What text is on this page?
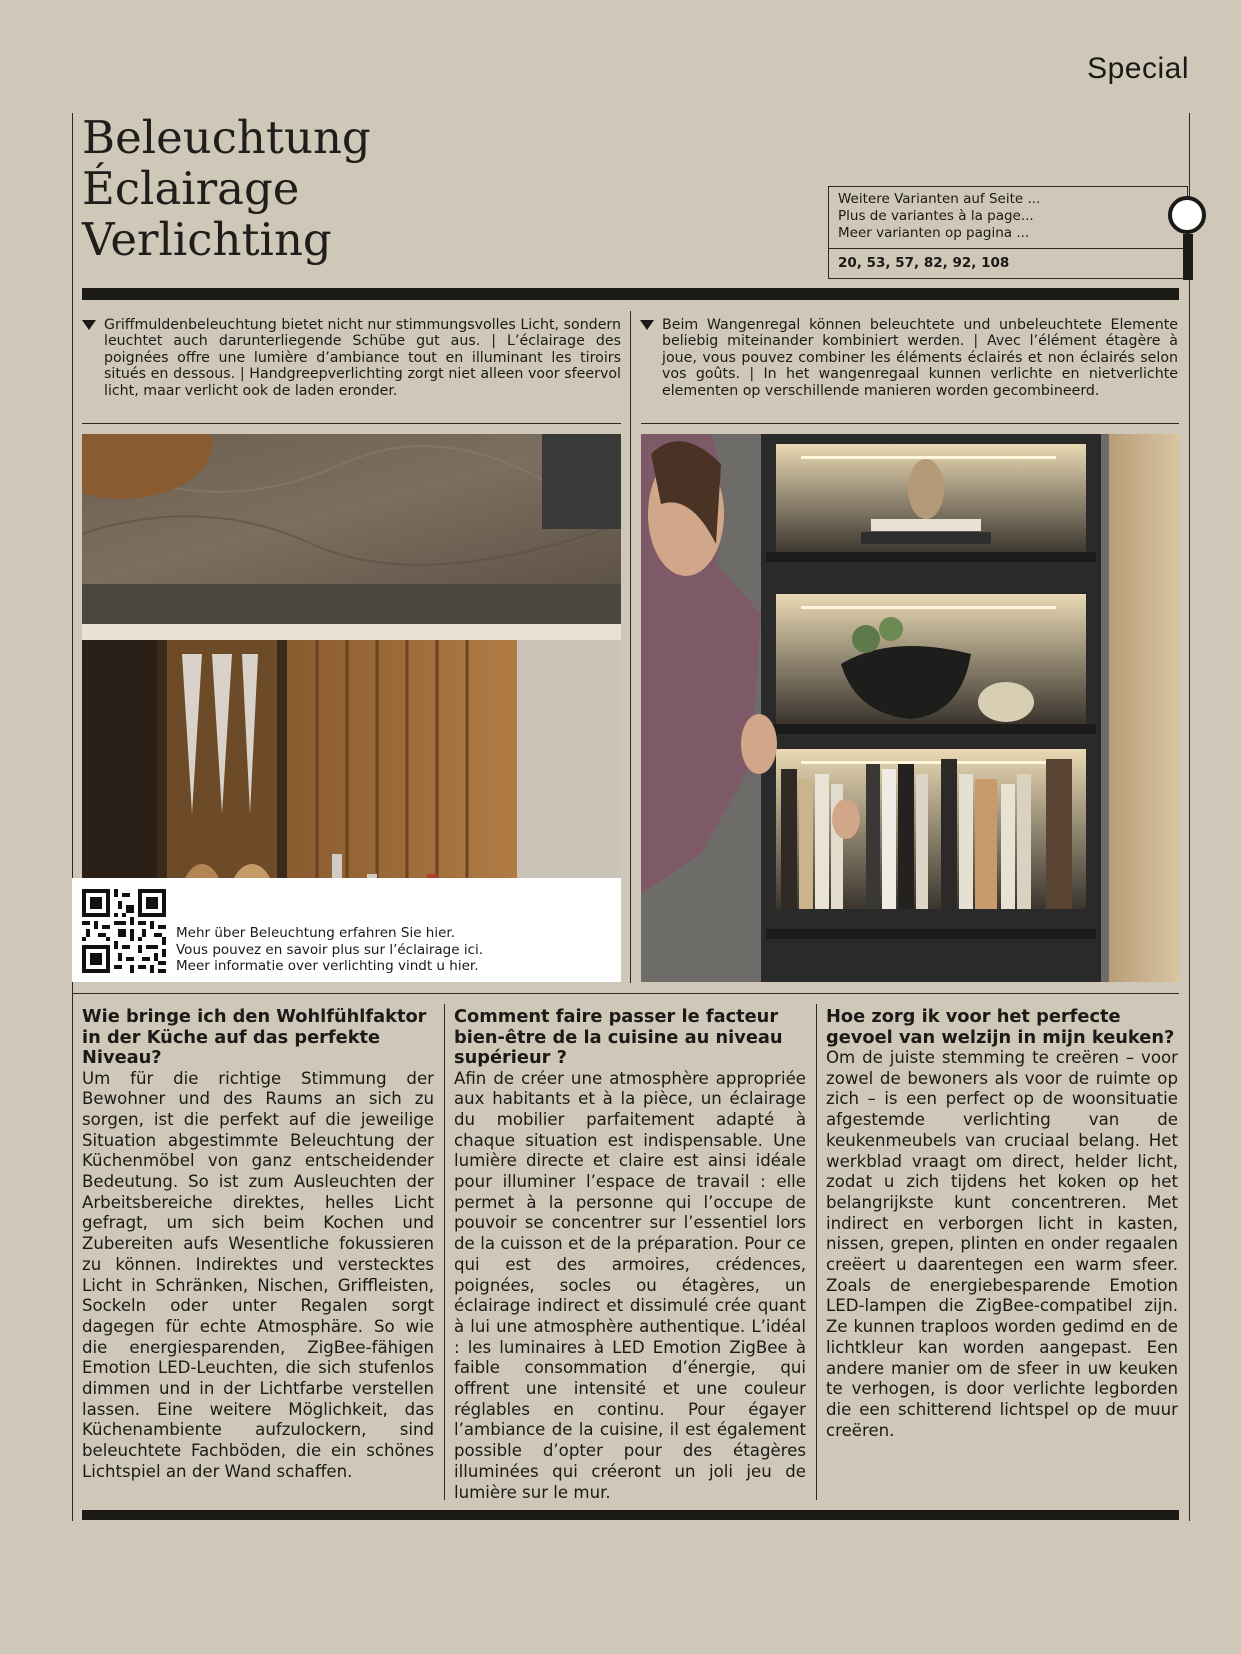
Special
Beleuchtung
Éclairage
Verlichting
Weitere Varianten auf Seite ...
Plus de variantes à la page...
Meer varianten op pagina ...
20, 53, 57, 82, 92, 108
Griffmuldenbeleuchtung bietet nicht nur stimmungsvolles Licht, sondern leuchtet auch darunterliegende Schübe gut aus. | L’éclairage des poignées offre une lumière d’ambiance tout en illuminant les tiroirs situés en dessous. | Handgreepverlichting zorgt niet alleen voor sfeervol licht, maar verlicht ook de laden eronder.
Beim Wangenregal können beleuchtete und unbeleuchtete Elemente beliebig miteinander kombiniert werden. | Avec l’élément étagère à joue, vous pouvez combiner les éléments éclairés et non éclairés selon vos goûts. | In het wangenregaal kunnen verlichte en nietverlichte elementen op verschillende manieren worden gecombineerd.
Mehr über Beleuchtung erfahren Sie hier.
Vous pouvez en savoir plus sur l’éclairage ici.
Meer informatie over verlichting vindt u hier.
Wie bringe ich den Wohlfühlfaktor in der Küche auf das perfekte Niveau?

Um für die richtige Stimmung der Bewohner und des Raums an sich zu sorgen, ist die perfekt auf die jeweilige Situation abgestimmte Beleuchtung der Küchenmöbel von ganz entscheidender Bedeutung. So ist zum Ausleuchten der Arbeitsbereiche direktes, helles Licht gefragt, um sich beim Kochen und Zubereiten aufs Wesentliche fokussieren zu können. Indirektes und verstecktes Licht in Schränken, Nischen, Griffleisten, Sockeln oder unter Regalen sorgt dagegen für echte Atmosphäre. So wie die energiesparenden, ZigBee-fähigen Emotion LED-Leuchten, die sich stufenlos dimmen und in der Lichtfarbe verstellen lassen. Eine weitere Möglichkeit, das Küchenambiente aufzulockern, sind beleuchtete Fachböden, die ein schönes Lichtspiel an der Wand schaffen.

Comment faire passer le facteur bien-être de la cuisine au niveau supérieur ?

Afin de créer une atmosphère appropriée aux habitants et à la pièce, un éclairage du mobilier parfaitement adapté à chaque situation est indispensable. Une lumière directe et claire est ainsi idéale pour illuminer l’espace de travail : elle permet à la personne qui l’occupe de pouvoir se concentrer sur l’essentiel lors de la cuisson et de la préparation. Pour ce qui est des armoires, crédences, poignées, socles ou étagères, un éclairage indirect et dissimulé crée quant à lui une atmosphère authentique. L’idéal : les luminaires à LED Emotion ZigBee à faible consommation d’énergie, qui offrent une intensité et une couleur réglables en continu. Pour égayer l’ambiance de la cuisine, il est également possible d’opter pour des étagères illuminées qui créeront un joli jeu de lumière sur le mur.

Hoe zorg ik voor het perfecte gevoel van welzijn in mijn keuken?

Om de juiste stemming te creëren – voor zowel de bewoners als voor de ruimte op zich – is een perfect op de woonsituatie afgestemde verlichting van de keukenmeubels van cruciaal belang. Het werkblad vraagt om direct, helder licht, zodat u zich tijdens het koken op het belangrijkste kunt concentreren. Met indirect en verborgen licht in kasten, nissen, grepen, plinten en onder regaalen creëert u daarentegen een warm sfeer. Zoals de energiebesparende Emotion LED-lampen die ZigBee-compatibel zijn. Ze kunnen traploos worden gedimd en de lichtkleur kan worden aangepast. Een andere manier om de sfeer in uw keuken te verhogen, is door verlichte legborden die een schitterend lichtspel op de muur creëren.
